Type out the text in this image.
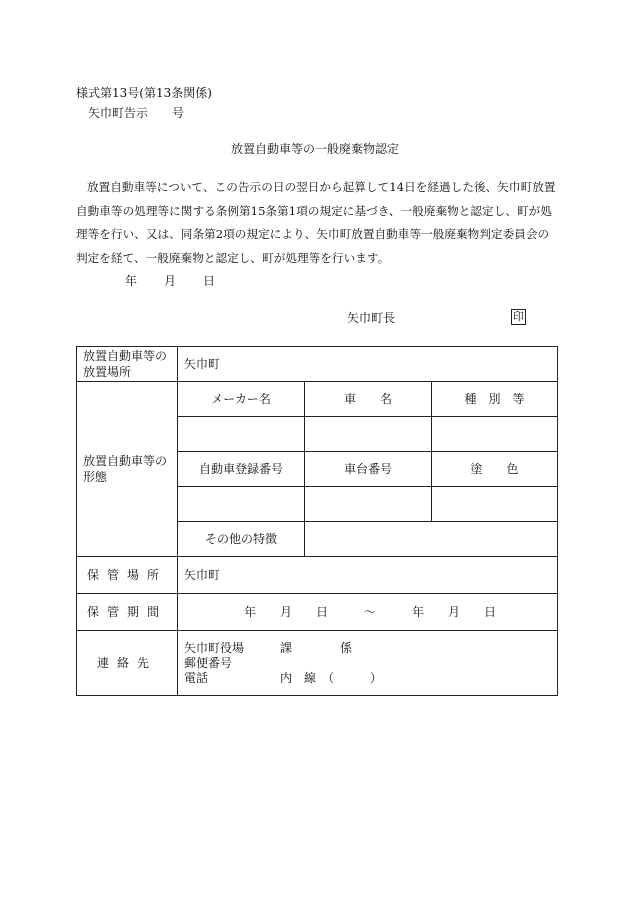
様式第13号(第13条関係)
矢巾町告示　　号
放置自動車等の一般廃棄物認定
放置自動車等について、この告示の日の翌日から起算して14日を経過した後、矢巾町放置自動車等の処理等に関する条例第15条第1項の規定に基づき、一般廃棄物と認定し、町が処理等を行い、又は、同条第2項の規定により、矢巾町放置自動車等一般廃棄物判定委員会の判定を経て、一般廃棄物と認定し、町が処理等を行います。
年　　月　　日
矢巾町長	印
放置自動車等の放置場所	矢巾町		
放置自動車等の形態	メーカー名	車　　名	種　別　等

	自動車登録番号	車台番号	塗　　色

	その他の特徴		
保管場所	矢巾町		
保管期間	年　　月　　日　　　～　　　年　　月　　日		
連絡先	矢巾町役場　　　課　　　　係
郵便番号
電話　　　　　　内　線　（　　　）		
